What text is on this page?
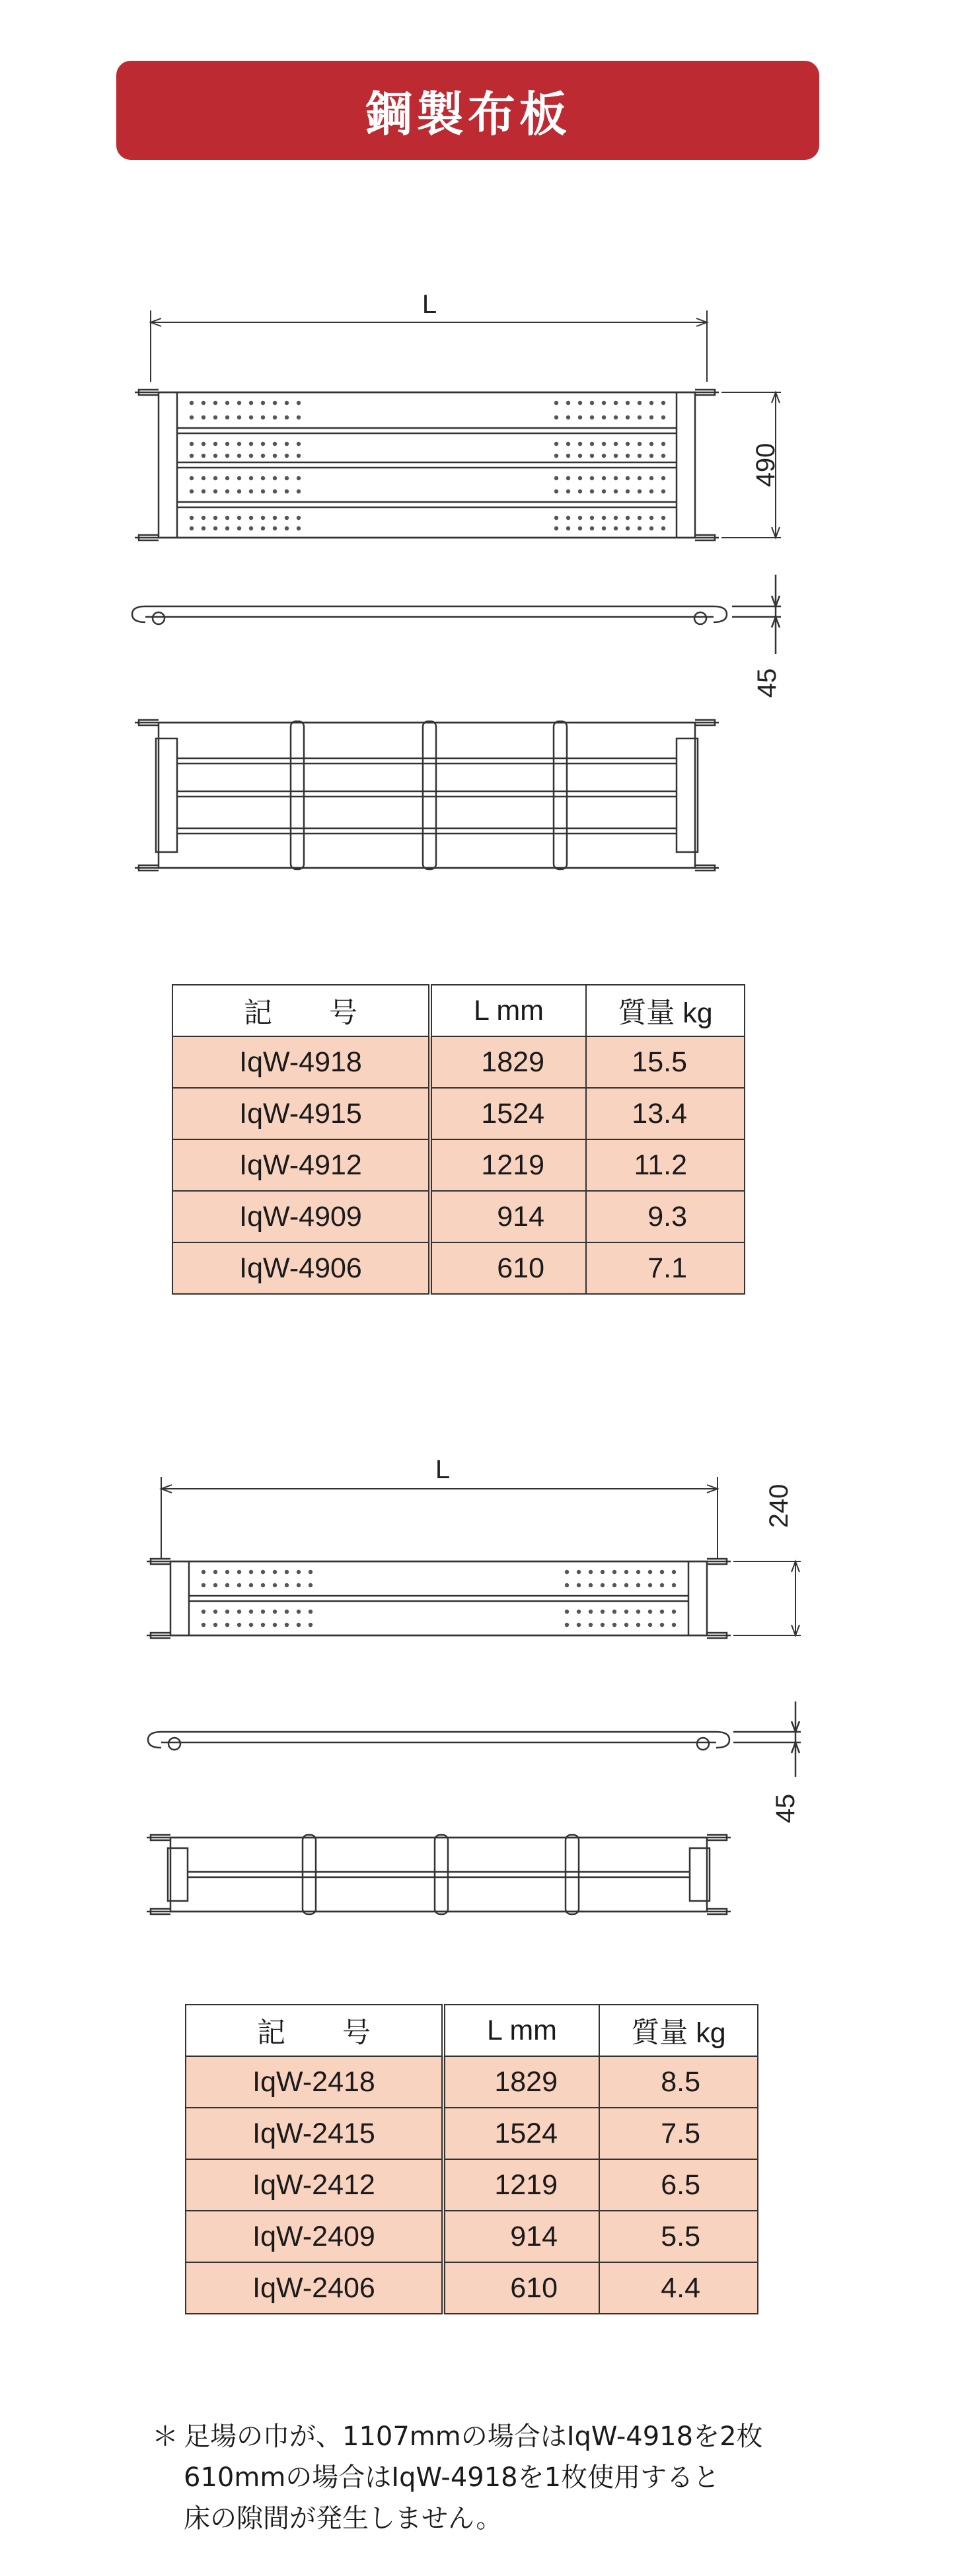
鋼製布板
L
490
45
記　　号	L mm	質量 kg
IqW-4918	1829	15.5
IqW-4915	1524	13.4
IqW-4912	1219	11.2
IqW-4909	914	9.3
IqW-4906	610	7.1
L
240
45
記　　号	L mm	質量 kg
IqW-2418	1829	8.5
IqW-2415	1524	7.5
IqW-2412	1219	6.5
IqW-2409	914	5.5
IqW-2406	610	4.4
＊ 足場の巾が、1107mmの場合はIqW-4918を2枚
610mmの場合はIqW-4918を1枚使用すると
床の隙間が発生しません。
